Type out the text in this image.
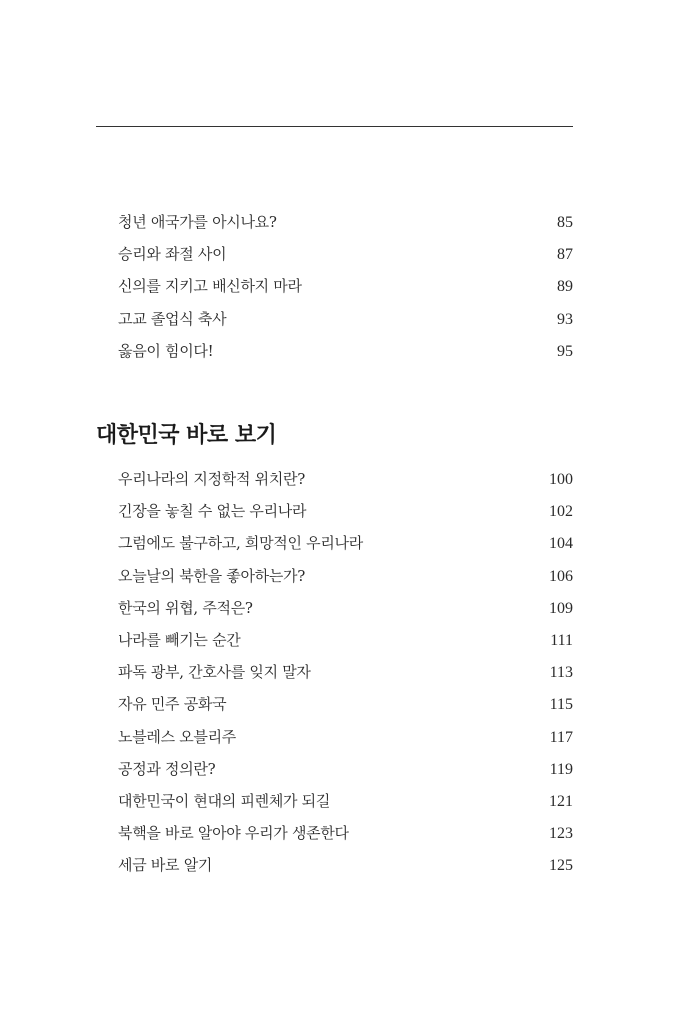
청년 애국가를 아시나요?	85
승리와 좌절 사이	87
신의를 지키고 배신하지 마라	89
고교 졸업식 축사	93
옳음이 힘이다!	95
대한민국 바로 보기
우리나라의 지정학적 위치란?	100
긴장을 놓칠 수 없는 우리나라	102
그럼에도 불구하고, 희망적인 우리나라	104
오늘날의 북한을 좋아하는가?	106
한국의 위협, 주적은?	109
나라를 빼기는 순간	111
파독 광부, 간호사를 잊지 말자	113
자유 민주 공화국	115
노블레스 오블리주	117
공정과 정의란?	119
대한민국이 현대의 피렌체가 되길	121
북핵을 바로 알아야 우리가 생존한다	123
세금 바로 알기	125
